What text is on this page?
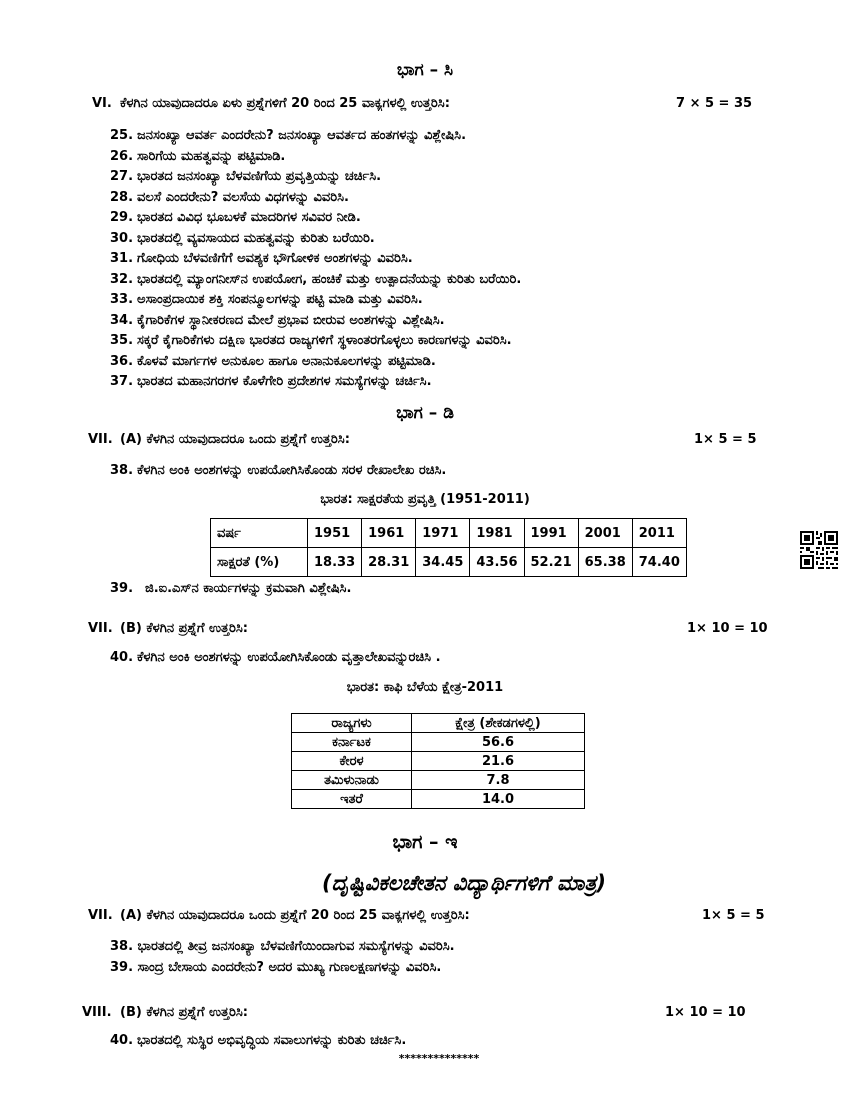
ಭಾಗ – ಸಿ
VI. ಕೆಳಗಿನ ಯಾವುದಾದರೂ ಏಳು ಪ್ರಶ್ನೆಗಳಿಗೆ 20 ರಿಂದ 25 ವಾಕ್ಯಗಳಲ್ಲಿ ಉತ್ತರಿಸಿ:	7 × 5 = 35
25. ಜನಸಂಖ್ಯಾ ಆವರ್ತ ಎಂದರೇನು? ಜನಸಂಖ್ಯಾ ಆವರ್ತದ ಹಂತಗಳನ್ನು ವಿಶ್ಲೇಷಿಸಿ.
26. ಸಾರಿಗೆಯ ಮಹತ್ವವನ್ನು ಪಟ್ಟಿಮಾಡಿ.
27. ಭಾರತದ ಜನಸಂಖ್ಯಾ ಬೆಳವಣಿಗೆಯ ಪ್ರವೃತ್ತಿಯನ್ನು ಚರ್ಚಿಸಿ.
28. ವಲಸೆ ಎಂದರೇನು? ವಲಸೆಯ ವಿಧಗಳನ್ನು ವಿವರಿಸಿ.
29. ಭಾರತದ ವಿವಿಧ ಭೂಬಳಕೆ ಮಾದರಿಗಳ ಸವಿವರ ನೀಡಿ.
30. ಭಾರತದಲ್ಲಿ ವ್ಯವಸಾಯದ ಮಹತ್ವವನ್ನು ಕುರಿತು ಬರೆಯಿರಿ.
31. ಗೋಧಿಯ ಬೆಳವಣಿಗೆಗೆ ಅವಶ್ಯಕ ಭೌಗೋಳಿಕ ಅಂಶಗಳನ್ನು ವಿವರಿಸಿ.
32. ಭಾರತದಲ್ಲಿ ಮ್ಯಾಂಗನೀಸ್‌ನ ಉಪಯೋಗ, ಹಂಚಿಕೆ ಮತ್ತು ಉತ್ಪಾದನೆಯನ್ನು ಕುರಿತು ಬರೆಯಿರಿ.
33. ಅಸಾಂಪ್ರದಾಯಿಕ ಶಕ್ತಿ ಸಂಪನ್ಮೂಲಗಳನ್ನು ಪಟ್ಟಿ ಮಾಡಿ ಮತ್ತು ವಿವರಿಸಿ.
34. ಕೈಗಾರಿಕೆಗಳ ಸ್ಥಾನೀಕರಣದ ಮೇಲೆ ಪ್ರಭಾವ ಬೀರುವ ಅಂಶಗಳನ್ನು ವಿಶ್ಲೇಷಿಸಿ.
35. ಸಕ್ಕರೆ ಕೈಗಾರಿಕೆಗಳು ದಕ್ಷಿಣ ಭಾರತದ ರಾಜ್ಯಗಳಿಗೆ ಸ್ಥಳಾಂತರಗೊಳ್ಳಲು ಕಾರಣಗಳನ್ನು ವಿವರಿಸಿ.
36. ಕೊಳವೆ ಮಾರ್ಗಗಳ ಅನುಕೂಲ ಹಾಗೂ ಅನಾನುಕೂಲಗಳನ್ನು ಪಟ್ಟಿಮಾಡಿ.
37. ಭಾರತದ ಮಹಾನಗರಗಳ ಕೊಳೆಗೇರಿ ಪ್ರದೇಶಗಳ ಸಮಸ್ಯೆಗಳನ್ನು ಚರ್ಚಿಸಿ.
ಭಾಗ – ಡಿ
VII. (A) ಕೆಳಗಿನ ಯಾವುದಾದರೂ ಒಂದು ಪ್ರಶ್ನೆಗೆ ಉತ್ತರಿಸಿ:	1× 5 = 5
38. ಕೆಳಗಿನ ಅಂಕಿ ಅಂಶಗಳನ್ನು ಉಪಯೋಗಿಸಿಕೊಂಡು ಸರಳ ರೇಖಾಲೇಖ ರಚಿಸಿ.
ಭಾರತ: ಸಾಕ್ಷರತೆಯ ಪ್ರವೃತ್ತಿ (1951-2011)
ವರ್ಷ	1951	1961	1971	1981	1991	2001	2011
ಸಾಕ್ಷರತೆ (%)	18.33	28.31	34.45	43.56	52.21	65.38	74.40
39. ಜಿ.ಐ.ಎಸ್‌ನ ಕಾರ್ಯಗಳನ್ನು ಕ್ರಮವಾಗಿ ವಿಶ್ಲೇಷಿಸಿ.
VII. (B) ಕೆಳಗಿನ ಪ್ರಶ್ನೆಗೆ ಉತ್ತರಿಸಿ:	1× 10 = 10
40. ಕೆಳಗಿನ ಅಂಕಿ ಅಂಶಗಳನ್ನು ಉಪಯೋಗಿಸಿಕೊಂಡು ವೃತ್ತಾಲೇಖವನ್ನುರಚಿಸಿ .
ಭಾರತ: ಕಾಫಿ ಬೆಳೆಯ ಕ್ಷೇತ್ರ-2011
ರಾಜ್ಯಗಳು	ಕ್ಷೇತ್ರ (ಶೇಕಡಗಳಲ್ಲಿ)
ಕರ್ನಾಟಕ	56.6
ಕೇರಳ	21.6
ತಮಿಳುನಾಡು	7.8
ಇತರೆ	14.0
ಭಾಗ – ಇ
(ದೃಷ್ಟಿವಿಕಲಚೇತನ ವಿದ್ಯಾರ್ಥಿಗಳಿಗೆ ಮಾತ್ರ)
VII. (A) ಕೆಳಗಿನ ಯಾವುದಾದರೂ ಒಂದು ಪ್ರಶ್ನೆಗೆ 20 ರಿಂದ 25 ವಾಕ್ಯಗಳಲ್ಲಿ ಉತ್ತರಿಸಿ:	1× 5 = 5
38. ಭಾರತದಲ್ಲಿ ತೀವ್ರ ಜನಸಂಖ್ಯಾ ಬೆಳವಣಿಗೆಯಿಂದಾಗುವ ಸಮಸ್ಯೆಗಳನ್ನು ವಿವರಿಸಿ.
39. ಸಾಂದ್ರ ಬೇಸಾಯ ಎಂದರೇನು? ಅದರ ಮುಖ್ಯ ಗುಣಲಕ್ಷಣಗಳನ್ನು ವಿವರಿಸಿ.
VIII. (B) ಕೆಳಗಿನ ಪ್ರಶ್ನೆಗೆ ಉತ್ತರಿಸಿ:	1× 10 = 10
40. ಭಾರತದಲ್ಲಿ ಸುಸ್ಥಿರ ಅಭಿವೃದ್ಧಿಯ ಸವಾಲುಗಳನ್ನು ಕುರಿತು ಚರ್ಚಿಸಿ.
**************
